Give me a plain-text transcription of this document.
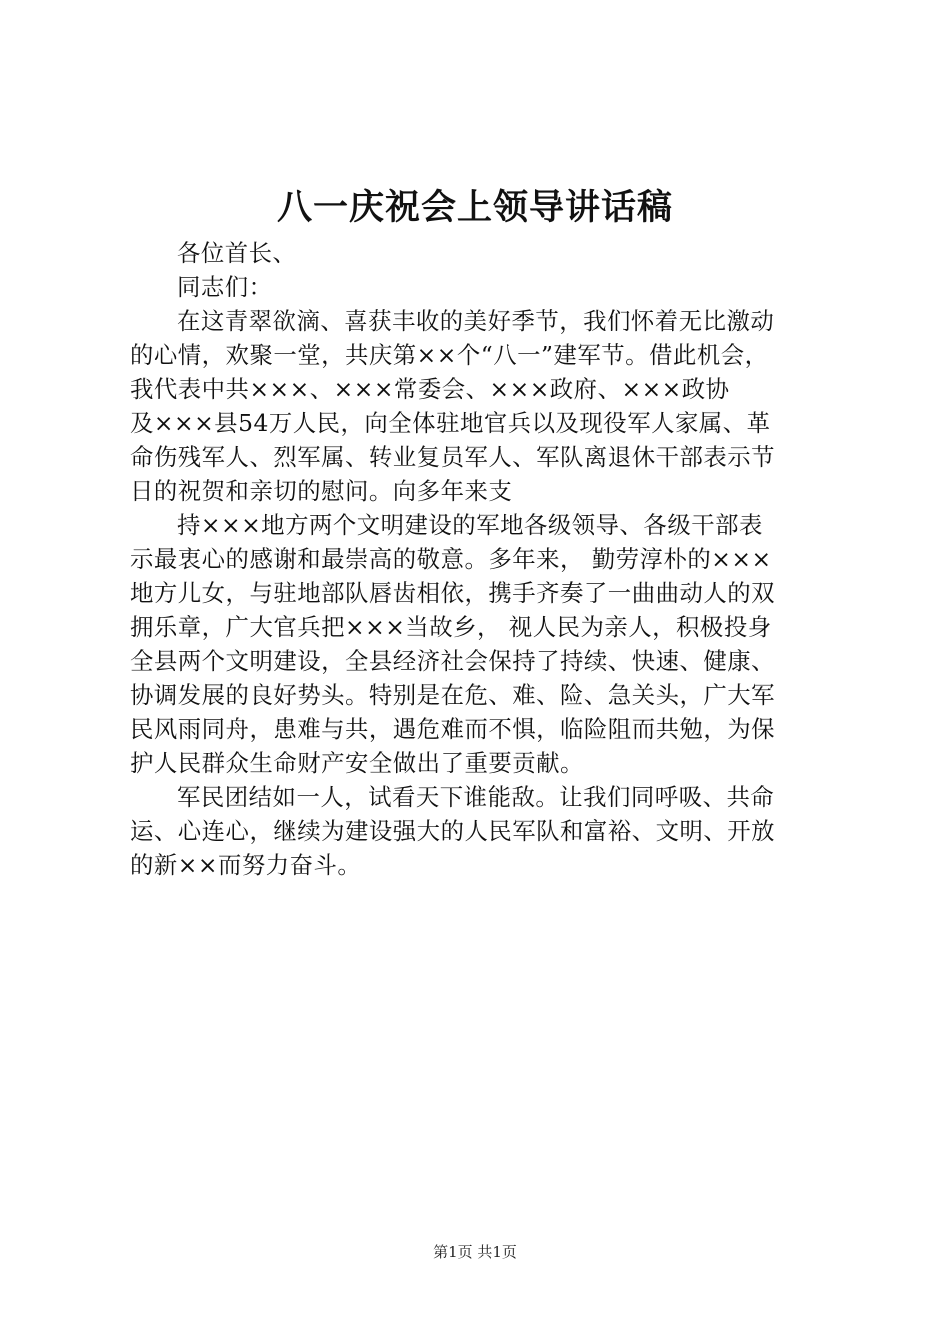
八一庆祝会上领导讲话稿
各位首长、
同志们：
在这青翠欲滴、喜获丰收的美好季节，我们怀着无比激动
的心情，欢聚一堂，共庆第××个“八一”建军节。借此机会，
我代表中共×××、×××常委会、×××政府、×××政协
及×××县54万人民，向全体驻地官兵以及现役军人家属、革
命伤残军人、烈军属、转业复员军人、军队离退休干部表示节
日的祝贺和亲切的慰问。向多年来支
持×××地方两个文明建设的军地各级领导、各级干部表
示最衷心的感谢和最崇高的敬意。多年来， 勤劳淳朴的×××
地方儿女，与驻地部队唇齿相依，携手齐奏了一曲曲动人的双
拥乐章，广大官兵把×××当故乡， 视人民为亲人，积极投身
全县两个文明建设，全县经济社会保持了持续、快速、健康、
协调发展的良好势头。特别是在危、难、险、急关头，广大军
民风雨同舟，患难与共，遇危难而不惧，临险阻而共勉，为保
护人民群众生命财产安全做出了重要贡献。
军民团结如一人，试看天下谁能敌。让我们同呼吸、共命
运、心连心，继续为建设强大的人民军队和富裕、文明、开放
的新××而努力奋斗。
第1页 共1页
